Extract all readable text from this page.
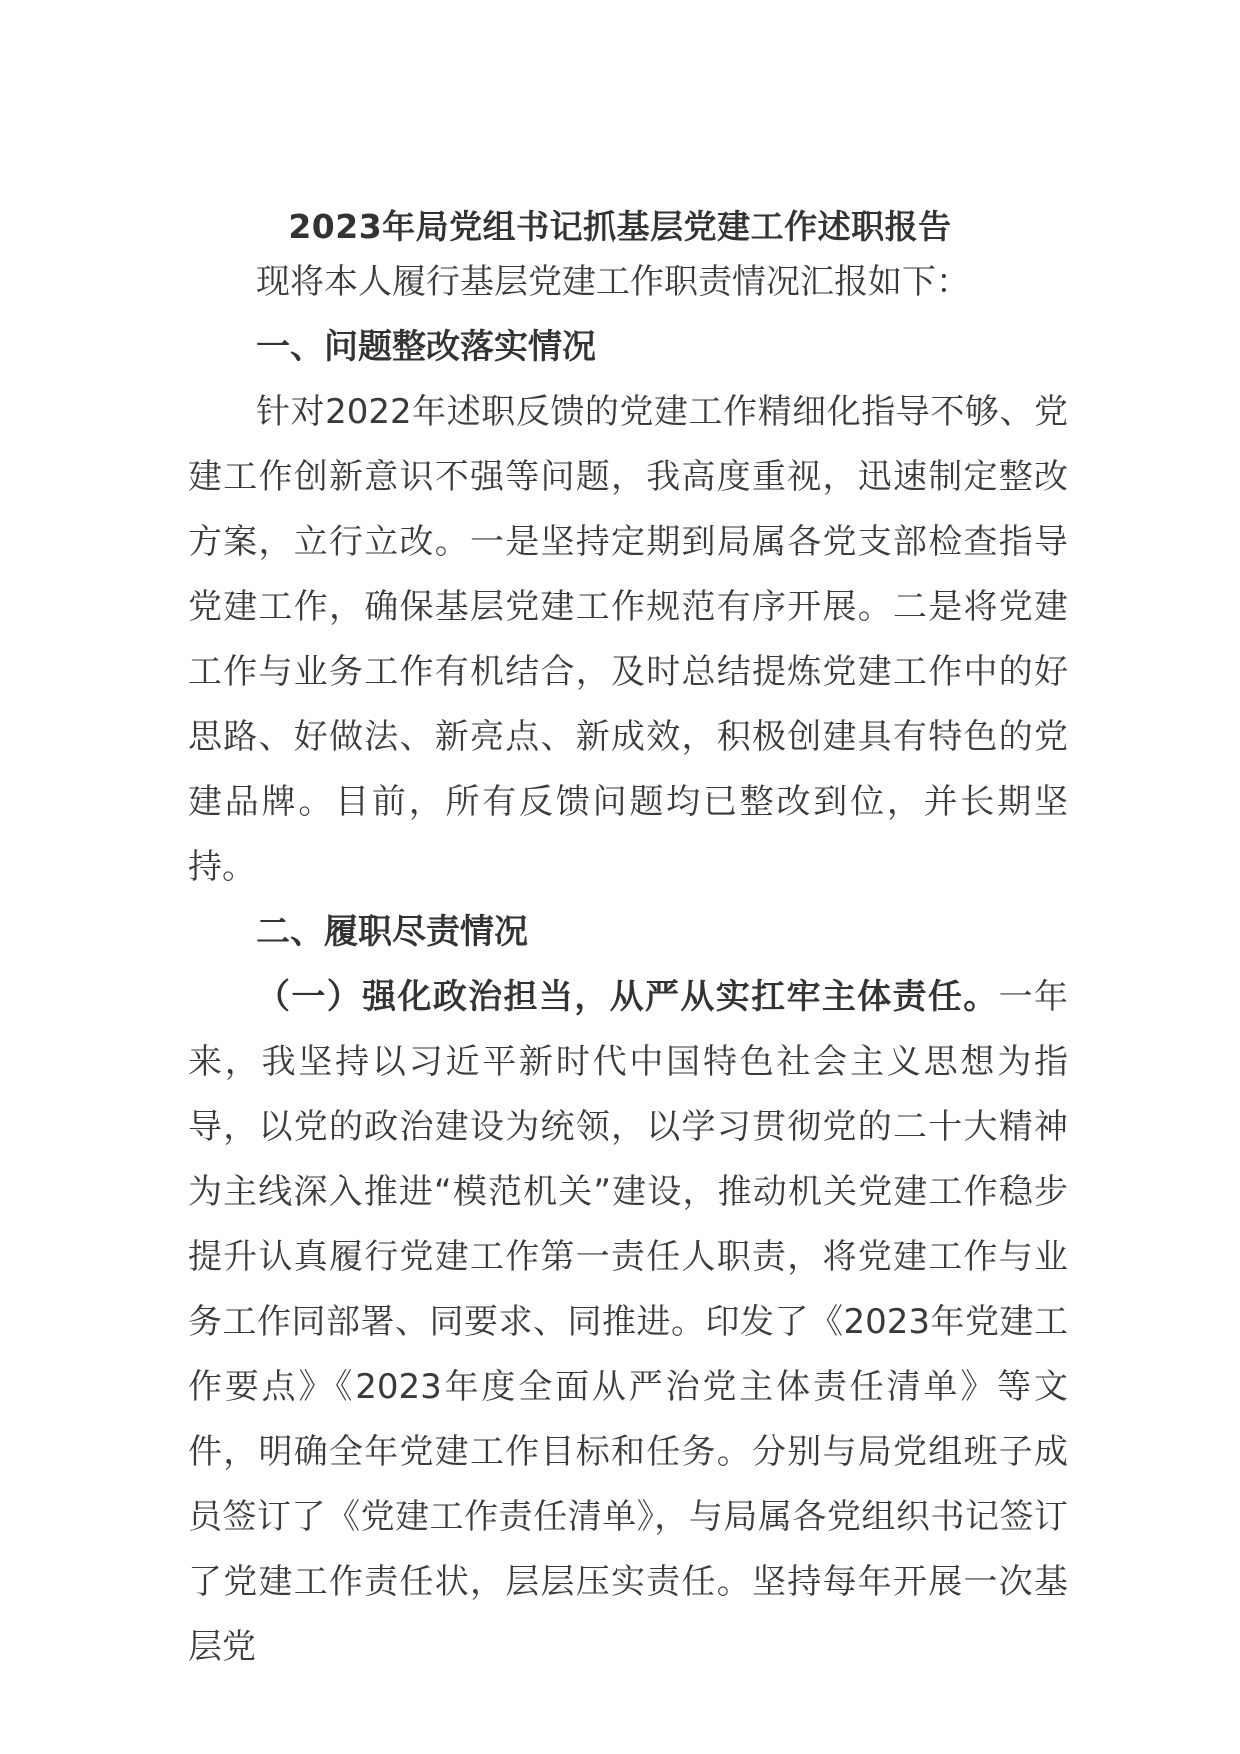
2023年局党组书记抓基层党建工作述职报告

现将本人履行基层党建工作职责情况汇报如下：

一、问题整改落实情况

针对2022年述职反馈的党建工作精细化指导不够、党建工作创新意识不强等问题，我高度重视，迅速制定整改方案，立行立改。一是坚持定期到局属各党支部检查指导党建工作，确保基层党建工作规范有序开展。二是将党建工作与业务工作有机结合，及时总结提炼党建工作中的好思路、好做法、新亮点、新成效，积极创建具有特色的党建品牌。目前，所有反馈问题均已整改到位，并长期坚持。

二、履职尽责情况

（一）强化政治担当，从严从实扛牢主体责任。一年来，我坚持以习近平新时代中国特色社会主义思想为指导，以党的政治建设为统领，以学习贯彻党的二十大精神为主线深入推进“模范机关”建设，推动机关党建工作稳步提升认真履行党建工作第一责任人职责，将党建工作与业务工作同部署、同要求、同推进。印发了《2023年党建工作要点》《2023年度全面从严治党主体责任清单》等文件，明确全年党建工作目标和任务。分别与局党组班子成员签订了《党建工作责任清单》，与局属各党组织书记签订了党建工作责任状，层层压实责任。坚持每年开展一次基层党
